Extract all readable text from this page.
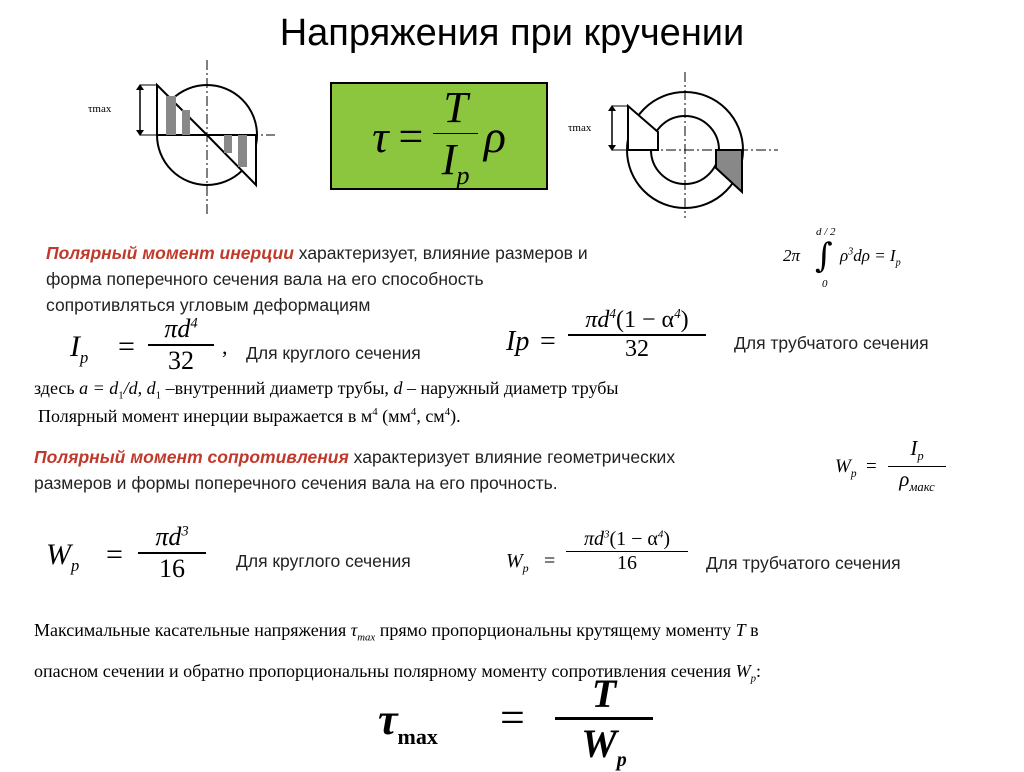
Напряжения при кручении
τmax
$\tau = \frac{T}{I_p}$ ρ	τmax
2π
d / 2
∫
0
$\rho^3d\rho = I_p$
Полярный момент инерции характеризует, влияние размеров и
форма поперечного сечения вала на его способность
сопротивляться угловым деформациям
$I_p = \frac{\pi d^4}{32}$ , Для круглого сечения	$Ip = \frac{\pi d^4(1 - \alpha^4)}{32}$ Для трубчатого сечения
здесь $a = d_1/d$, $d_1$ –внутренний диаметр трубы, d – наружный диаметр трубы
Полярный момент инерции выражается в $м^4$ ($мм^4$, $см^4$).
Полярный момент сопротивления характеризует влияние геометрических
размеров и формы поперечного сечения вала на его прочность.
$W_p$ =
$I_p$
$\rho_{макс}$
$W_p = \frac{\pi d^3}{16}$ Для круглого сечения	$W_p = \frac{\pi d^3(1 - \alpha^4)}{16}$ Для трубчатого сечения
Максимальные касательные напряжения $\tau_{max}$ прямо пропорциональны крутящему моменту T в
опасном сечении и обратно пропорциональны полярному моменту сопротивления сечения $W_p$:
$\tau_{max} = \frac{T}{W_p}$
